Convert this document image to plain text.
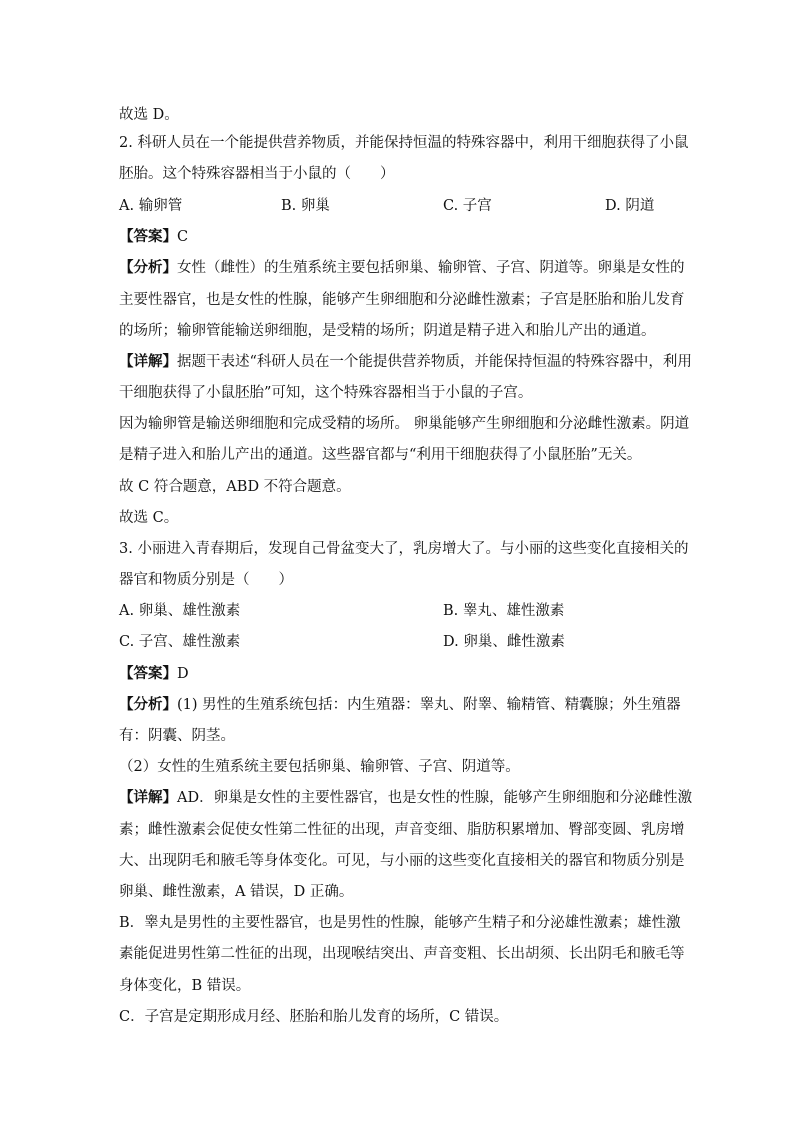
故选 D。
2. 科研人员在一个能提供营养物质，并能保持恒温的特殊容器中，利用干细胞获得了小鼠
胚胎。这个特殊容器相当于小鼠的（　　）
A. 输卵管	B. 卵巢	C. 子宫	D. 阴道
【答案】C
【分析】女性（雌性）的生殖系统主要包括卵巢、输卵管、子宫、阴道等。卵巢是女性的
主要性器官，也是女性的性腺，能够产生卵细胞和分泌雌性激素；子宫是胚胎和胎儿发育
的场所；输卵管能输送卵细胞，是受精的场所；阴道是精子进入和胎儿产出的通道。
【详解】据题干表述“科研人员在一个能提供营养物质，并能保持恒温的特殊容器中，利用
干细胞获得了小鼠胚胎”可知，这个特殊容器相当于小鼠的子宫。
因为输卵管是输送卵细胞和完成受精的场所。 卵巢能够产生卵细胞和分泌雌性激素。阴道
是精子进入和胎儿产出的通道。这些器官都与“利用干细胞获得了小鼠胚胎”无关。
故 C 符合题意，ABD 不符合题意。
故选 C。
3. 小丽进入青春期后，发现自己骨盆变大了，乳房增大了。与小丽的这些变化直接相关的
器官和物质分别是（　　）
A. 卵巢、雄性激素	B. 睾丸、雄性激素
C. 子宫、雄性激素	D. 卵巢、雌性激素
【答案】D
【分析】(1) 男性的生殖系统包括：内生殖器：睾丸、附睾、输精管、精囊腺；外生殖器
有：阴囊、阴茎。
（2）女性的生殖系统主要包括卵巢、输卵管、子宫、阴道等。
【详解】AD．卵巢是女性的主要性器官，也是女性的性腺，能够产生卵细胞和分泌雌性激
素；雌性激素会促使女性第二性征的出现，声音变细、脂肪积累增加、臀部变圆、乳房增
大、出现阴毛和腋毛等身体变化。可见，与小丽的这些变化直接相关的器官和物质分别是
卵巢、雌性激素，A 错误，D 正确。
B．睾丸是男性的主要性器官，也是男性的性腺，能够产生精子和分泌雄性激素；雄性激
素能促进男性第二性征的出现，出现喉结突出、声音变粗、长出胡须、长出阴毛和腋毛等
身体变化，B 错误。
C．子宫是定期形成月经、胚胎和胎儿发育的场所，C 错误。
